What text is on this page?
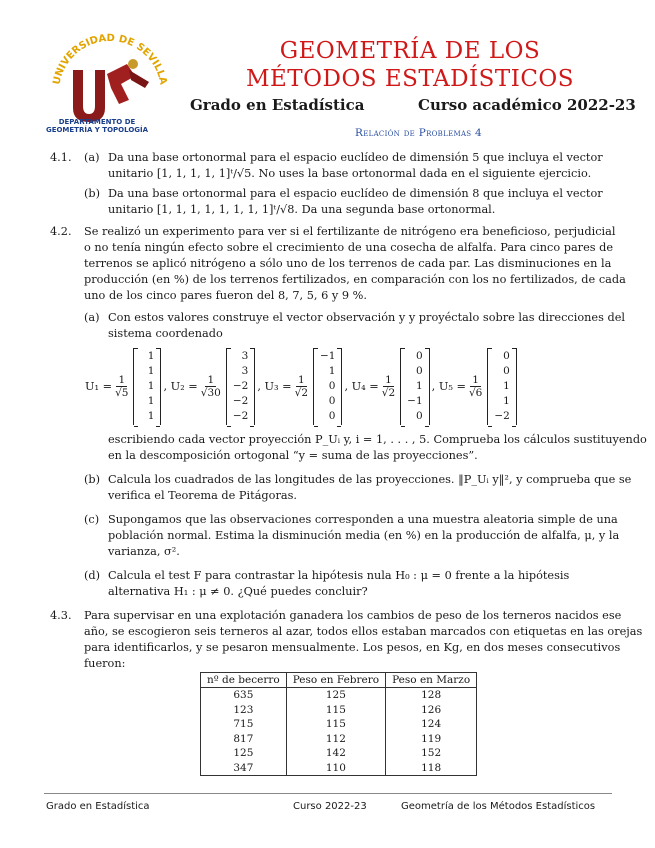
UNIVERSIDAD DE SEVILLA
DEPARTAMENTO DE GEOMETRÍA Y TOPOLOGÍA
GEOMETRÍA DE LOS
MÉTODOS ESTADÍSTICOS
Grado en Estadística	Curso académico 2022-23
Relación de Problemas 4
4.1. (a) Da una base ortonormal para el espacio euclídeo de dimensión 5 que incluya el vector
unitario [1, 1, 1, 1, 1]ᵗ/√5. No uses la base ortonormal dada en el siguiente ejercicio.
(b) Da una base ortonormal para el espacio euclídeo de dimensión 8 que incluya el vector
unitario [1, 1, 1, 1, 1, 1, 1, 1]ᵗ/√8. Da una segunda base ortonormal.
4.2. Se realizó un experimento para ver si el fertilizante de nitrógeno era beneficioso, perjudicial
o no tenía ningún efecto sobre el crecimiento de una cosecha de alfalfa. Para cinco pares de
terrenos se aplicó nitrógeno a sólo uno de los terrenos de cada par. Las disminuciones en la
producción (en %) de los terrenos fertilizados, en comparación con los no fertilizados, de cada
uno de los cinco pares fueron del 8, 7, 5, 6 y 9 %.
(a) Con estos valores construye el vector observación y y proyéctalo sobre las direcciones del
sistema coordenado
$U_1 = \frac{1}{√5}$
1
1
1
1
1
, $U_2 = \frac{1}{√30}$
3
3
−2
−2
−2
, $U_3 = \frac{1}{√2}$
−1
1
0
0
0
, $U_4 = \frac{1}{√2}$
0
0
1
−1
0
, $U_5 = \frac{1}{√6}$
0
0
1
1
−2
escribiendo cada vector proyección P_Uᵢ y, i = 1, . . . , 5. Comprueba los cálculos sustituyendo
en la descomposición ortogonal “y = suma de las proyecciones”.
(b) Calcula los cuadrados de las longitudes de las proyecciones. ‖P_Uᵢ y‖², y comprueba que se
verifica el Teorema de Pitágoras.
(c) Supongamos que las observaciones corresponden a una muestra aleatoria simple de una
población normal. Estima la disminución media (en %) en la producción de alfalfa, μ, y la
varianza, σ².
(d) Calcula el test F para contrastar la hipótesis nula H₀ : μ = 0 frente a la hipótesis
alternativa H₁ : μ ≠ 0. ¿Qué puedes concluir?
4.3. Para supervisar en una explotación ganadera los cambios de peso de los terneros nacidos ese
año, se escogieron seis terneros al azar, todos ellos estaban marcados con etiquetas en las orejas
para identificarlos, y se pesaron mensualmente. Los pesos, en Kg, en dos meses consecutivos
fueron:
nº de becerro	Peso en Febrero	Peso en Marzo
635	125	128
123	115	126
715	115	124
817	112	119
125	142	152
347	110	118
Grado en Estadística	Curso 2022-23	Geometría de los Métodos Estadísticos
